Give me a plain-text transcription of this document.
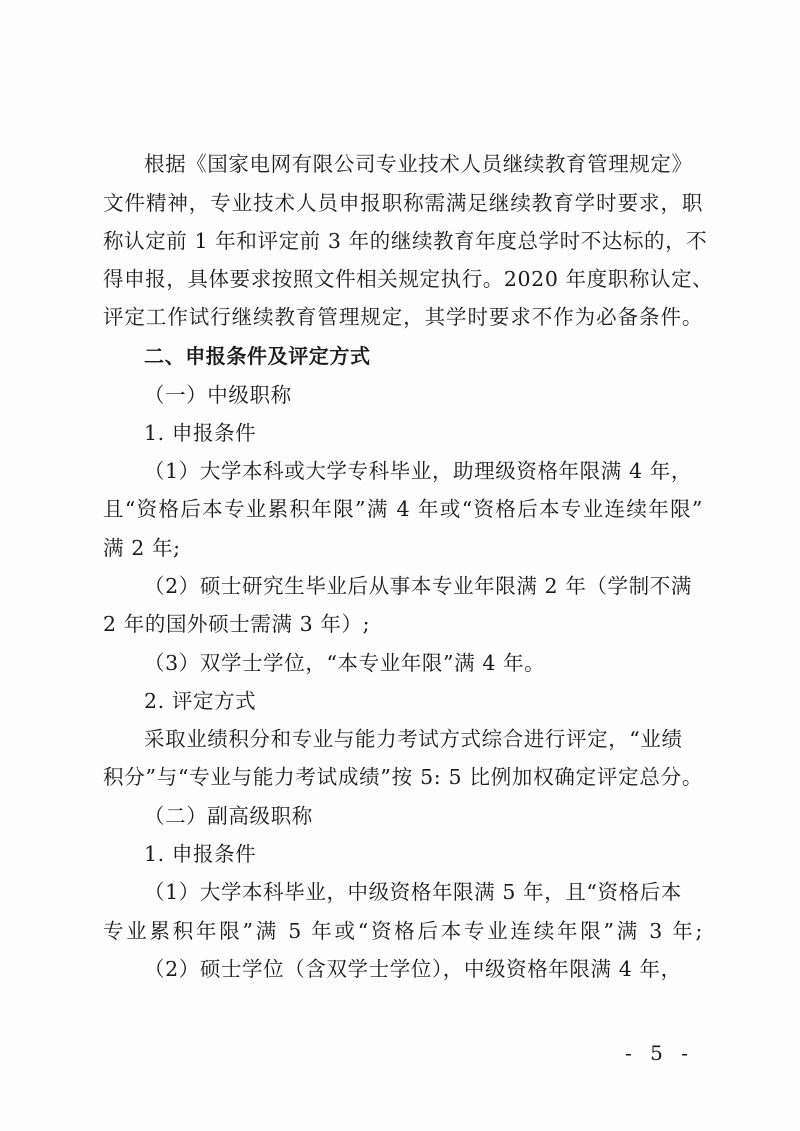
根据《国家电网有限公司专业技术人员继续教育管理规定》
文件精神，专业技术人员申报职称需满足继续教育学时要求，职
称认定前 1 年和评定前 3 年的继续教育年度总学时不达标的，不
得申报，具体要求按照文件相关规定执行。2020 年度职称认定、
评定工作试行继续教育管理规定，其学时要求不作为必备条件。
二、申报条件及评定方式
（一）中级职称
1. 申报条件
（1）大学本科或大学专科毕业，助理级资格年限满 4 年，
且“资格后本专业累积年限”满 4 年或“资格后本专业连续年限”
满 2 年;
（2）硕士研究生毕业后从事本专业年限满 2 年（学制不满
2 年的国外硕士需满 3 年）;
（3）双学士学位，“本专业年限”满 4 年。
2. 评定方式
采取业绩积分和专业与能力考试方式综合进行评定，“业绩
积分”与“专业与能力考试成绩”按 5: 5 比例加权确定评定总分。
（二）副高级职称
1. 申报条件
（1）大学本科毕业，中级资格年限满 5 年，且“资格后本
专业累积年限”满 5 年或“资格后本专业连续年限”满 3 年;
（2）硕士学位（含双学士学位），中级资格年限满 4 年，
- 5 -
